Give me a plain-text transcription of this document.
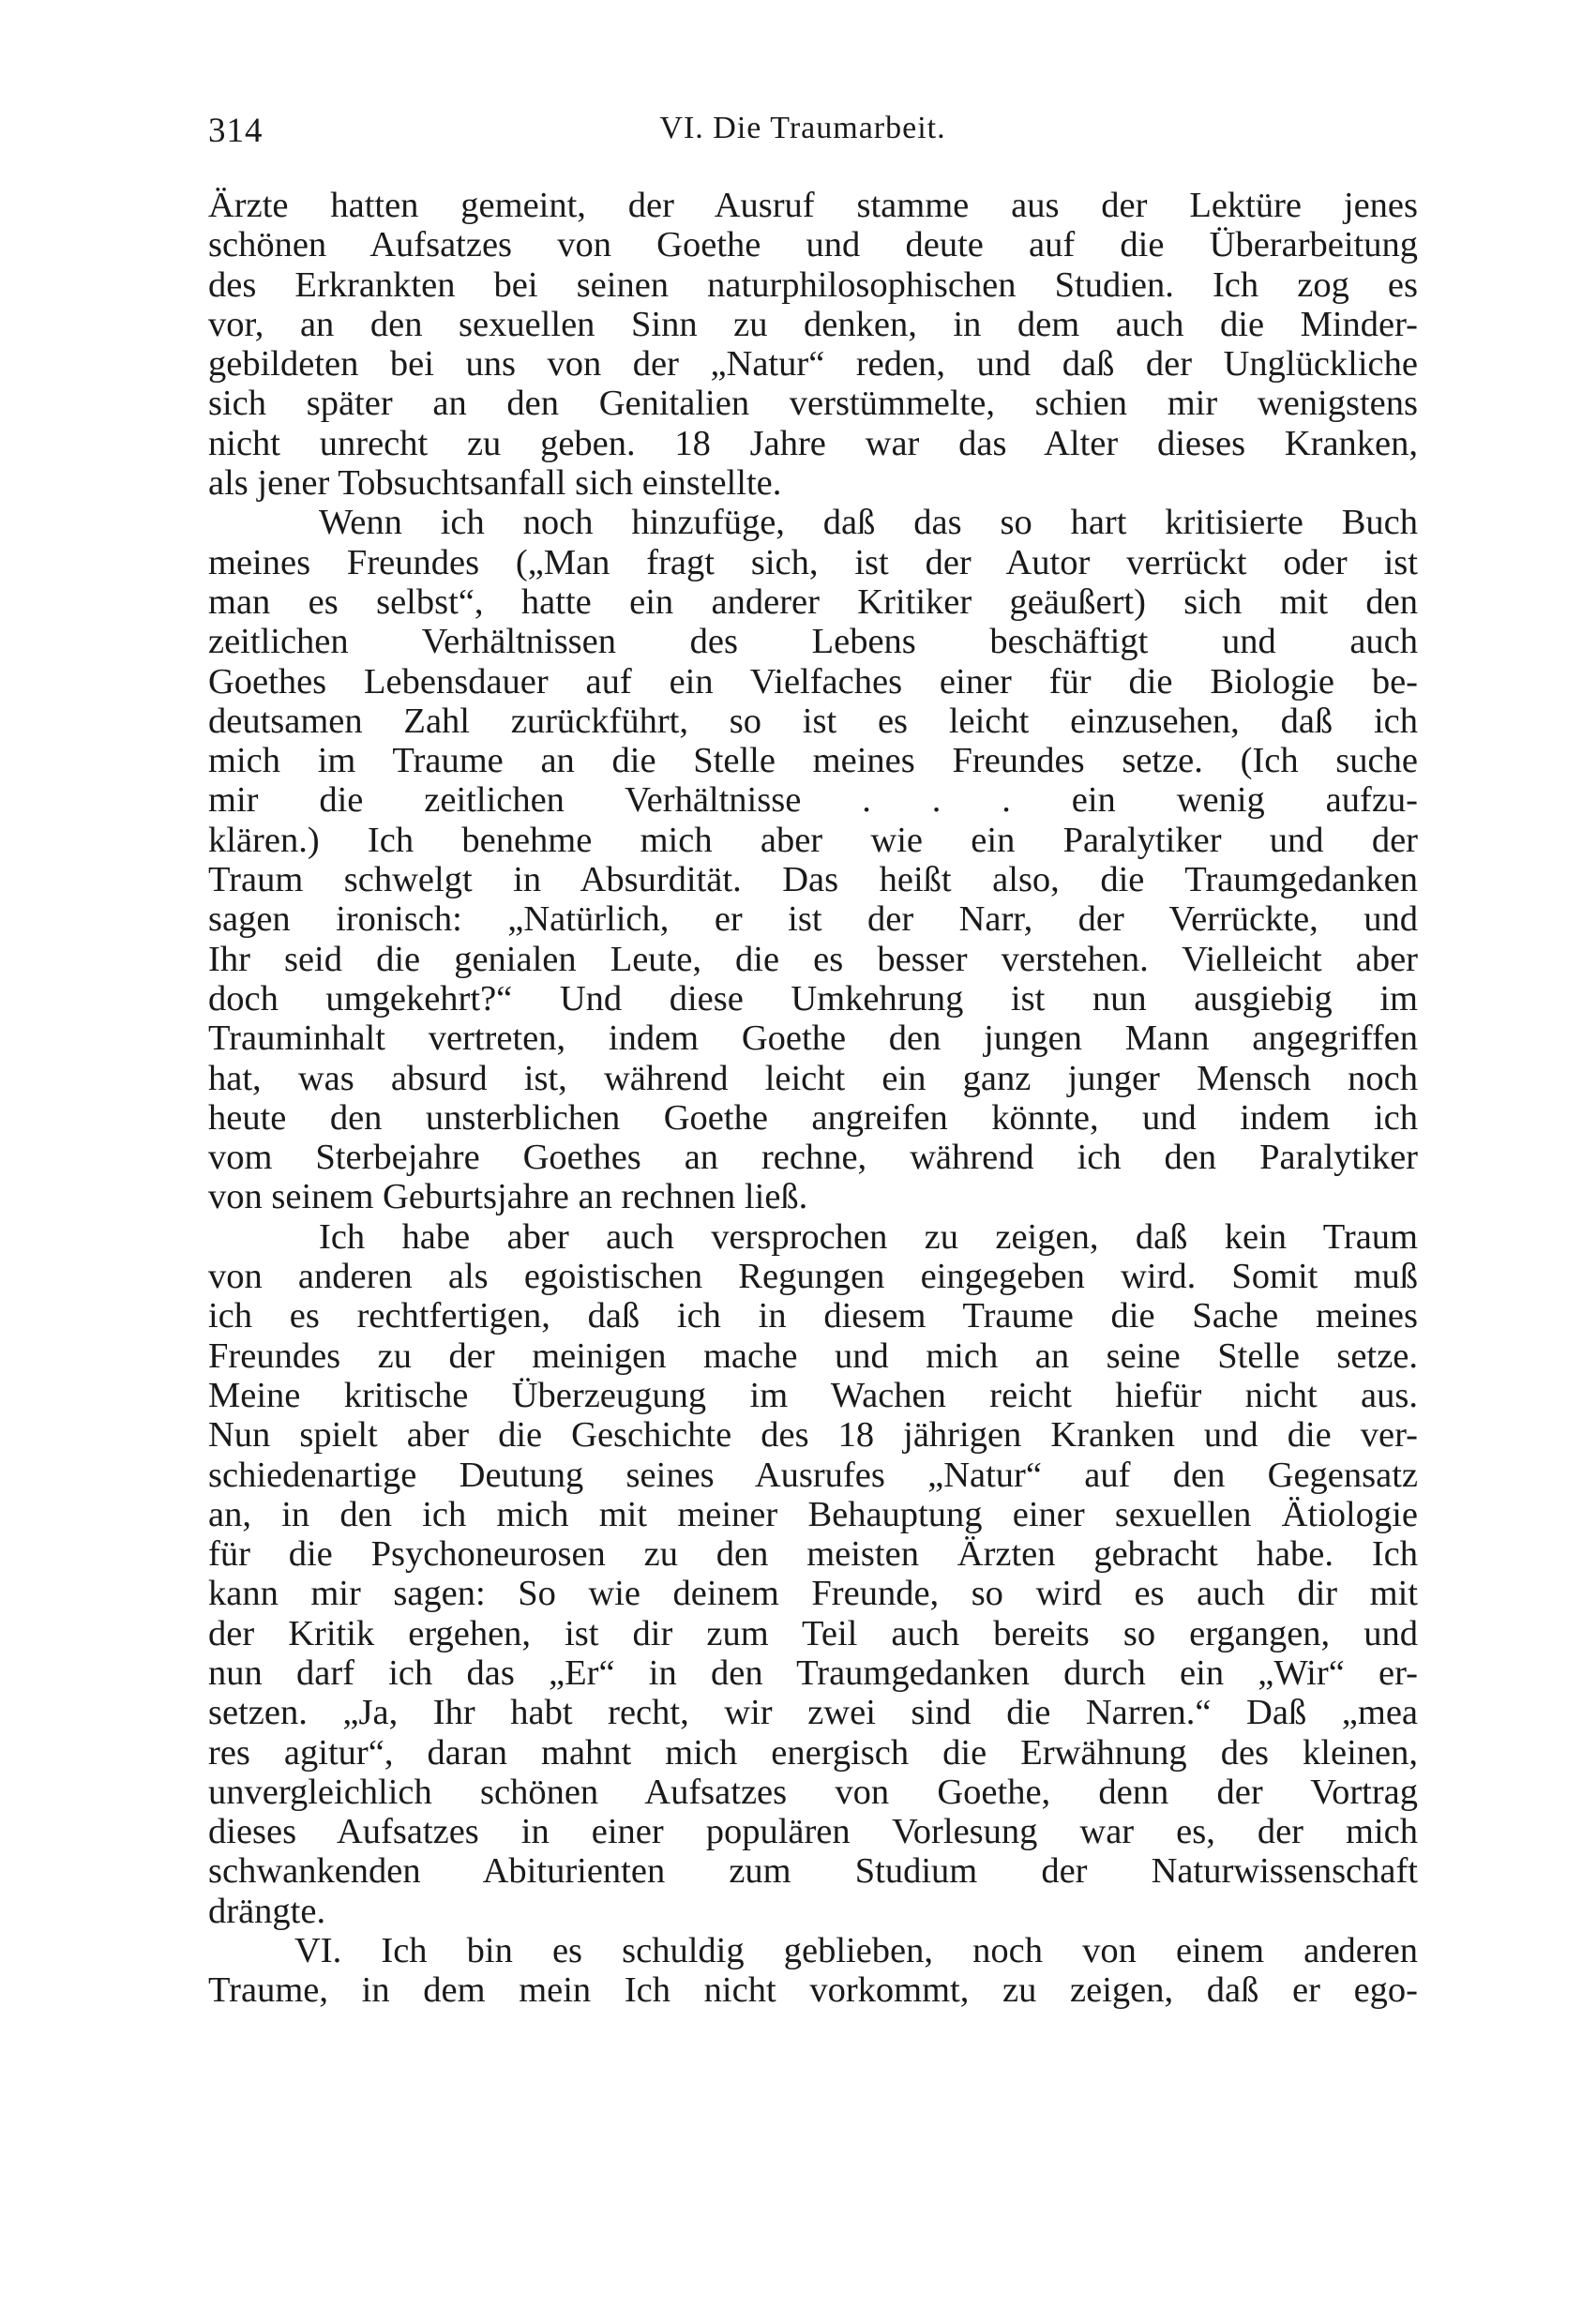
314	VI. Die Traumarbeit.
Ärzte hatten gemeint, der Ausruf stamme aus der Lektüre jenes
schönen Aufsatzes von Goethe und deute auf die Überarbeitung
des Erkrankten bei seinen naturphilosophischen Studien. Ich zog es
vor, an den sexuellen Sinn zu denken, in dem auch die Minder-
gebildeten bei uns von der „Natur“ reden, und daß der Unglückliche
sich später an den Genitalien verstümmelte, schien mir wenigstens
nicht unrecht zu geben. 18 Jahre war das Alter dieses Kranken,
als jener Tobsuchtsanfall sich einstellte.
Wenn ich noch hinzufüge, daß das so hart kritisierte Buch
meines Freundes („Man fragt sich, ist der Autor verrückt oder ist
man es selbst“, hatte ein anderer Kritiker geäußert) sich mit den
zeitlichen Verhältnissen des Lebens beschäftigt und auch
Goethes Lebensdauer auf ein Vielfaches einer für die Biologie be-
deutsamen Zahl zurückführt, so ist es leicht einzusehen, daß ich
mich im Traume an die Stelle meines Freundes setze. (Ich suche
mir die zeitlichen Verhältnisse . . . ein wenig aufzu-
klären.) Ich benehme mich aber wie ein Paralytiker und der
Traum schwelgt in Absurdität. Das heißt also, die Traumgedanken
sagen ironisch: „Natürlich, er ist der Narr, der Verrückte, und
Ihr seid die genialen Leute, die es besser verstehen. Vielleicht aber
doch umgekehrt?“ Und diese Umkehrung ist nun ausgiebig im
Trauminhalt vertreten, indem Goethe den jungen Mann angegriffen
hat, was absurd ist, während leicht ein ganz junger Mensch noch
heute den unsterblichen Goethe angreifen könnte, und indem ich
vom Sterbejahre Goethes an rechne, während ich den Paralytiker
von seinem Geburtsjahre an rechnen ließ.
Ich habe aber auch versprochen zu zeigen, daß kein Traum
von anderen als egoistischen Regungen eingegeben wird. Somit muß
ich es rechtfertigen, daß ich in diesem Traume die Sache meines
Freundes zu der meinigen mache und mich an seine Stelle setze.
Meine kritische Überzeugung im Wachen reicht hiefür nicht aus.
Nun spielt aber die Geschichte des 18 jährigen Kranken und die ver-
schiedenartige Deutung seines Ausrufes „Natur“ auf den Gegensatz
an, in den ich mich mit meiner Behauptung einer sexuellen Ätiologie
für die Psychoneurosen zu den meisten Ärzten gebracht habe. Ich
kann mir sagen: So wie deinem Freunde, so wird es auch dir mit
der Kritik ergehen, ist dir zum Teil auch bereits so ergangen, und
nun darf ich das „Er“ in den Traumgedanken durch ein „Wir“ er-
setzen. „Ja, Ihr habt recht, wir zwei sind die Narren.“ Daß „mea
res agitur“, daran mahnt mich energisch die Erwähnung des kleinen,
unvergleichlich schönen Aufsatzes von Goethe, denn der Vortrag
dieses Aufsatzes in einer populären Vorlesung war es, der mich
schwankenden Abiturienten zum Studium der Naturwissenschaft
drängte.
VI. Ich bin es schuldig geblieben, noch von einem anderen
Traume, in dem mein Ich nicht vorkommt, zu zeigen, daß er ego-
